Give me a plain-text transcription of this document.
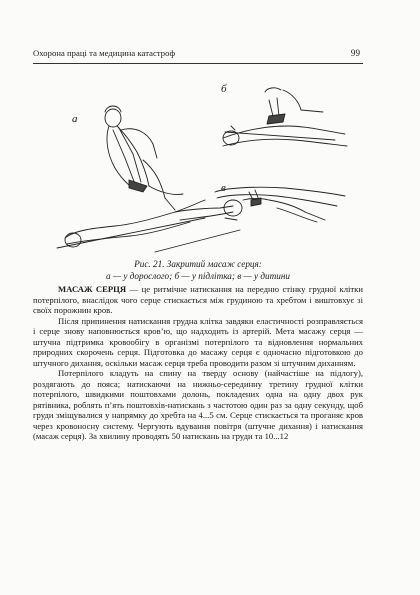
Охорона праці та медицина катастроф	99
а
б
в
Рис. 21. Закритий масаж серця:
а — у дорослого; б — у підлітка; в — у дитини

МАСАЖ СЕРЦЯ — це ритмічне натискання на передню стінку грудної клітки потерпілого, внаслідок чого серце стискається між грудиною та хребтом і виштовхує зі своїх порожнин кров.

Після припинення натискання грудна клітка завдяки еластичності розправляється і серце знову наповнюється кров’ю, що надходить із артерій. Мета масажу серця — штучна підтримка кровообігу в організмі потерпілого та відновлення нормальних природних скорочень серця. Підготовка до масажу серця є одночасно підготовкою до штучного дихання, оскільки масаж серця треба проводити разом зі штучним диханням.

Потерпілого кладуть на спину на тверду основу (найчастіше на підлогу), роздягають до пояса; натискаючи на нижньо-серединну третину грудної клітки потерпілого, швидкими поштовхами долонь, покладених одна на одну двох рук рятівника, роблять п’ять поштовхів-натискань з частотою один раз за одну секунду, щоб груди зміщувалися у напрямку до хребта на 4...5 см. Серце стискається та проганяє кров через кровоносну систему. Чергують вдування повітря (штучне дихання) і натискання (масаж серця). За хвилину проводять 50 натискань на груди та 10...12
